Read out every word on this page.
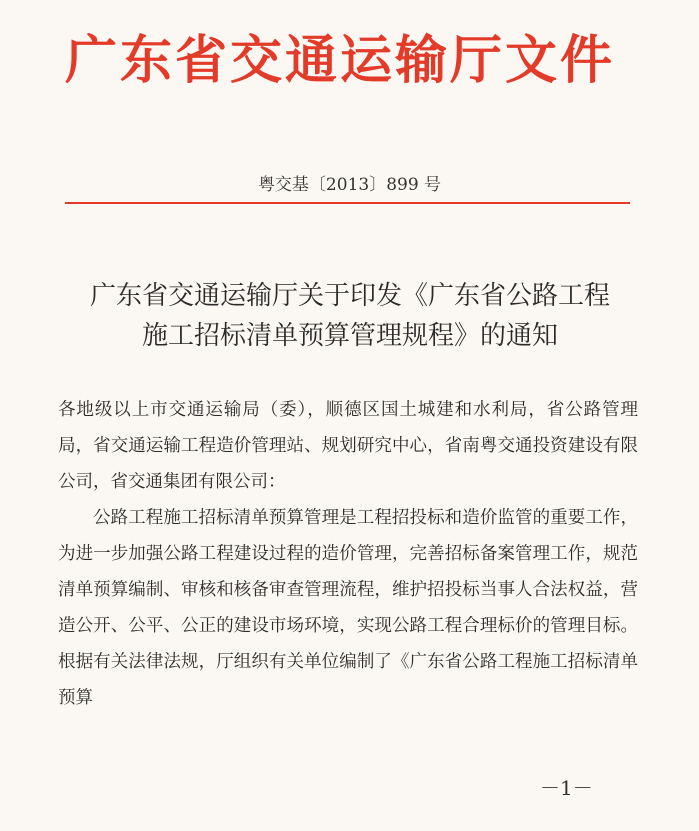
广东省交通运输厅文件
粤交基〔2013〕899 号
广东省交通运输厅关于印发《广东省公路工程
施工招标清单预算管理规程》的通知

各地级以上市交通运输局（委），顺德区国土城建和水利局，省公路管理局，省交通运输工程造价管理站、规划研究中心，省南粤交通投资建设有限公司，省交通集团有限公司：

公路工程施工招标清单预算管理是工程招投标和造价监管的重要工作，为进一步加强公路工程建设过程的造价管理，完善招标备案管理工作，规范清单预算编制、审核和核备审查管理流程，维护招投标当事人合法权益，营造公开、公平、公正的建设市场环境，实现公路工程合理标价的管理目标。根据有关法律法规，厅组织有关单位编制了《广东省公路工程施工招标清单预算

－1－
